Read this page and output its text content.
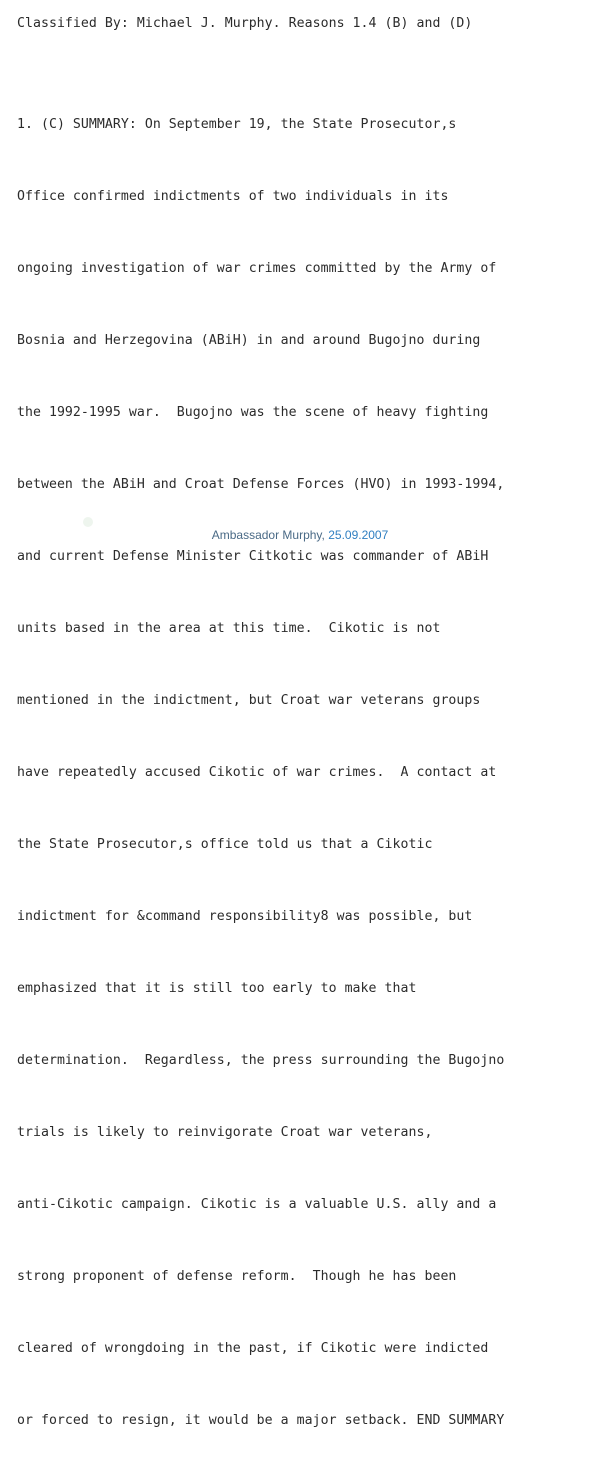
Classified By: Michael J. Murphy. Reasons 1.4 (B) and (D)

1. (C) SUMMARY: On September 19, the State Prosecutor,s

Office confirmed indictments of two individuals in its

ongoing investigation of war crimes committed by the Army of

Bosnia and Herzegovina (ABiH) in and around Bugojno during

the 1992-1995 war.  Bugojno was the scene of heavy fighting

between the ABiH and Croat Defense Forces (HVO) in 1993-1994,

and current Defense Minister Citkotic was commander of ABiH

units based in the area at this time.  Cikotic is not

mentioned in the indictment, but Croat war veterans groups

have repeatedly accused Cikotic of war crimes.  A contact at

the State Prosecutor,s office told us that a Cikotic

indictment for &command responsibility8 was possible, but

emphasized that it is still too early to make that

determination.  Regardless, the press surrounding the Bugojno

trials is likely to reinvigorate Croat war veterans,

anti-Cikotic campaign. Cikotic is a valuable U.S. ally and a

strong proponent of defense reform.  Though he has been

cleared of wrongdoing in the past, if Cikotic were indicted

or forced to resign, it would be a major setback. END SUMMARY

Ambassador Murphy, 25.09.2007
